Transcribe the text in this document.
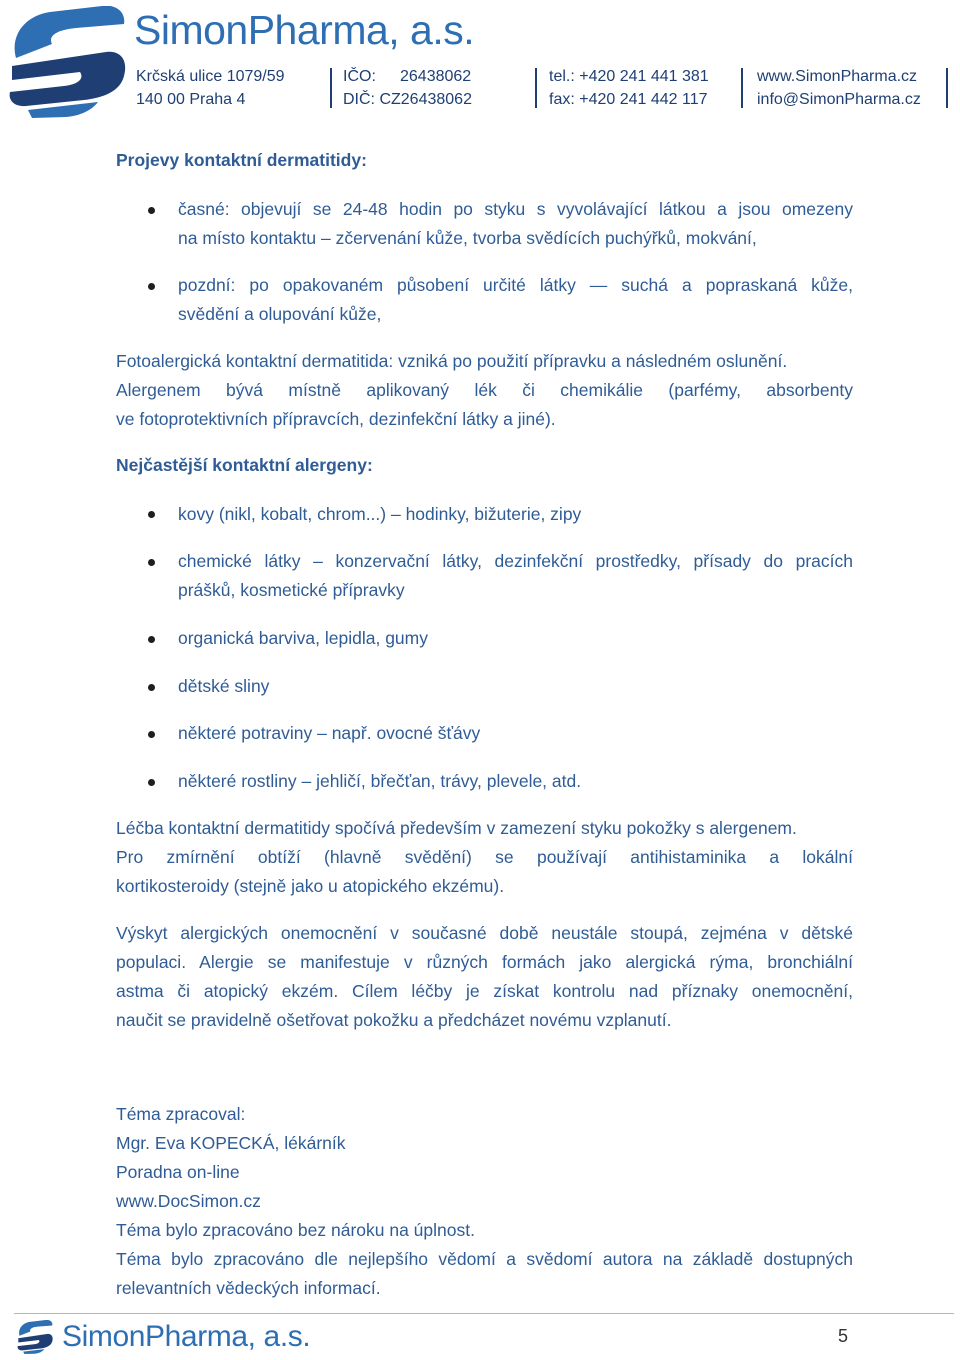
SimonPharma, a.s.
Krčská ulice 1079/59
140 00 Praha 4
IČO: 26438062
DIČ: CZ26438062
tel.: +420 241 441 381
fax: +420 241 442 117
www.SimonPharma.cz
info@SimonPharma.cz
Projevy kontaktní dermatitidy:
časné: objevují se 24-48 hodin po styku s vyvolávající látkou a jsou omezeny
na místo kontaktu – zčervenání kůže, tvorba svědících puchýřků, mokvání,
pozdní: po opakovaném působení určité látky — suchá a popraskaná kůže,
svědění a olupování kůže,
Fotoalergická kontaktní dermatitida: vzniká po použití přípravku a následném oslunění.
Alergenem bývá místně aplikovaný lék či chemikálie (parfémy, absorbenty
ve fotoprotektivních přípravcích, dezinfekční látky a jiné).
Nejčastější kontaktní alergeny:
kovy (nikl, kobalt, chrom...) – hodinky, bižuterie, zipy
chemické látky – konzervační látky, dezinfekční prostředky, přísady do pracích
prášků, kosmetické přípravky
organická barviva, lepidla, gumy
dětské sliny
některé potraviny – např. ovocné šťávy
některé rostliny – jehličí, břečťan, trávy, plevele, atd.
Léčba kontaktní dermatitidy spočívá především v zamezení styku pokožky s alergenem.
Pro zmírnění obtíží (hlavně svědění) se používají antihistaminika a lokální
kortikosteroidy (stejně jako u atopického ekzému).
Výskyt alergických onemocnění v současné době neustále stoupá, zejména v dětské
populaci. Alergie se manifestuje v různých formách jako alergická rýma, bronchiální
astma či atopický ekzém. Cílem léčby je získat kontrolu nad příznaky onemocnění,
naučit se pravidelně ošetřovat pokožku a předcházet novému vzplanutí.
Téma zpracoval:
Mgr. Eva KOPECKÁ, lékárník
Poradna on-line
www.DocSimon.cz
Téma bylo zpracováno bez nároku na úplnost.
Téma bylo zpracováno dle nejlepšího vědomí a svědomí autora na základě dostupných
relevantních vědeckých informací.
SimonPharma, a.s.	5
